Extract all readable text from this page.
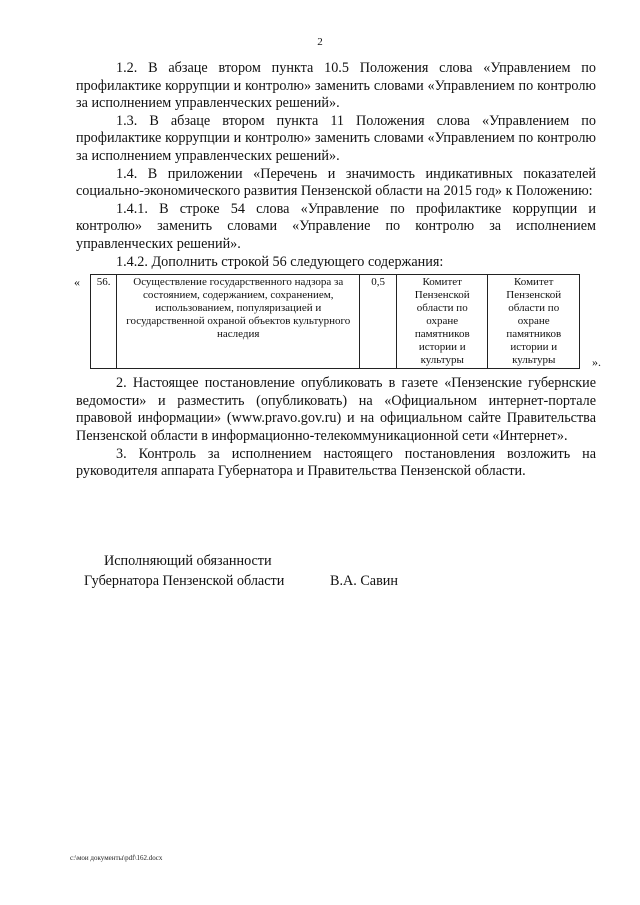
2

1.2. В абзаце втором пункта 10.5 Положения слова «Управлением по профилактике коррупции и контролю» заменить словами «Управлением по контролю за исполнением управленческих решений».

1.3. В абзаце втором пункта 11 Положения слова «Управлением по профилактике коррупции и контролю» заменить словами «Управлением по контролю за исполнением управленческих решений».

1.4. В приложении «Перечень и значимость индикативных показателей социально-экономического развития Пензенской области на 2015 год» к Положению:

1.4.1. В строке 54 слова «Управление по профилактике коррупции и контролю» заменить словами «Управление по контролю за исполнением управленческих решений».

1.4.2. Дополнить строкой 56 следующего содержания:

« 56.	Осуществление государственного надзора за состоянием, содержанием, сохранением, использованием, популяризацией и государственной охраной объектов культурного наследия	0,5	Комитет Пензенской области по охране памятников истории и культуры	Комитет Пензенской области по охране памятников истории и культуры	».

2. Настоящее постановление опубликовать в газете «Пензенские губернские ведомости» и разместить (опубликовать) на «Официальном интернет-портале правовой информации» (www.pravo.gov.ru) и на официальном сайте Правительства Пензенской области в информационно-телекоммуникационной сети «Интернет».

3. Контроль за исполнением настоящего постановления возложить на руководителя аппарата Губернатора и Правительства Пензенской области.

Исполняющий обязанности
Губернатора Пензенской области	В.А. Савин
c:\мои документы\pdf\162.docx
